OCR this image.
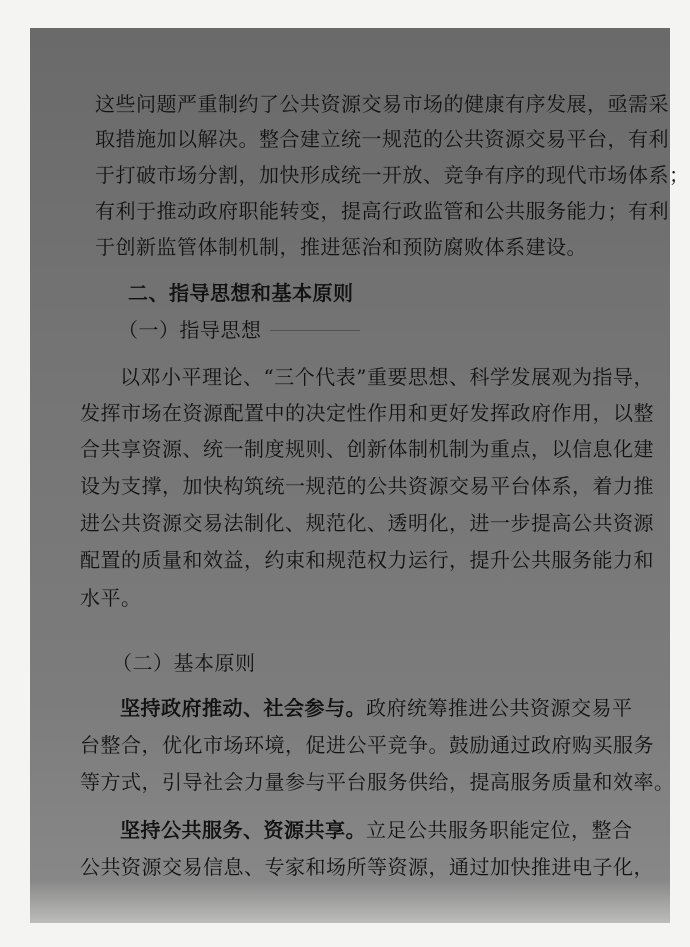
这些问题严重制约了公共资源交易市场的健康有序发展，亟需采
取措施加以解决。整合建立统一规范的公共资源交易平台，有利
于打破市场分割，加快形成统一开放、竞争有序的现代市场体系；
有利于推动政府职能转变，提高行政监管和公共服务能力；有利
于创新监管体制机制，推进惩治和预防腐败体系建设。
二、指导思想和基本原则
（一）指导思想
以邓小平理论、“三个代表”重要思想、科学发展观为指导，
发挥市场在资源配置中的决定性作用和更好发挥政府作用，以整
合共享资源、统一制度规则、创新体制机制为重点，以信息化建
设为支撑，加快构筑统一规范的公共资源交易平台体系，着力推
进公共资源交易法制化、规范化、透明化，进一步提高公共资源
配置的质量和效益，约束和规范权力运行，提升公共服务能力和
水平。
（二）基本原则
坚持政府推动、社会参与。政府统筹推进公共资源交易平
台整合，优化市场环境，促进公平竞争。鼓励通过政府购买服务
等方式，引导社会力量参与平台服务供给，提高服务质量和效率。
坚持公共服务、资源共享。立足公共服务职能定位，整合
公共资源交易信息、专家和场所等资源，通过加快推进电子化，
